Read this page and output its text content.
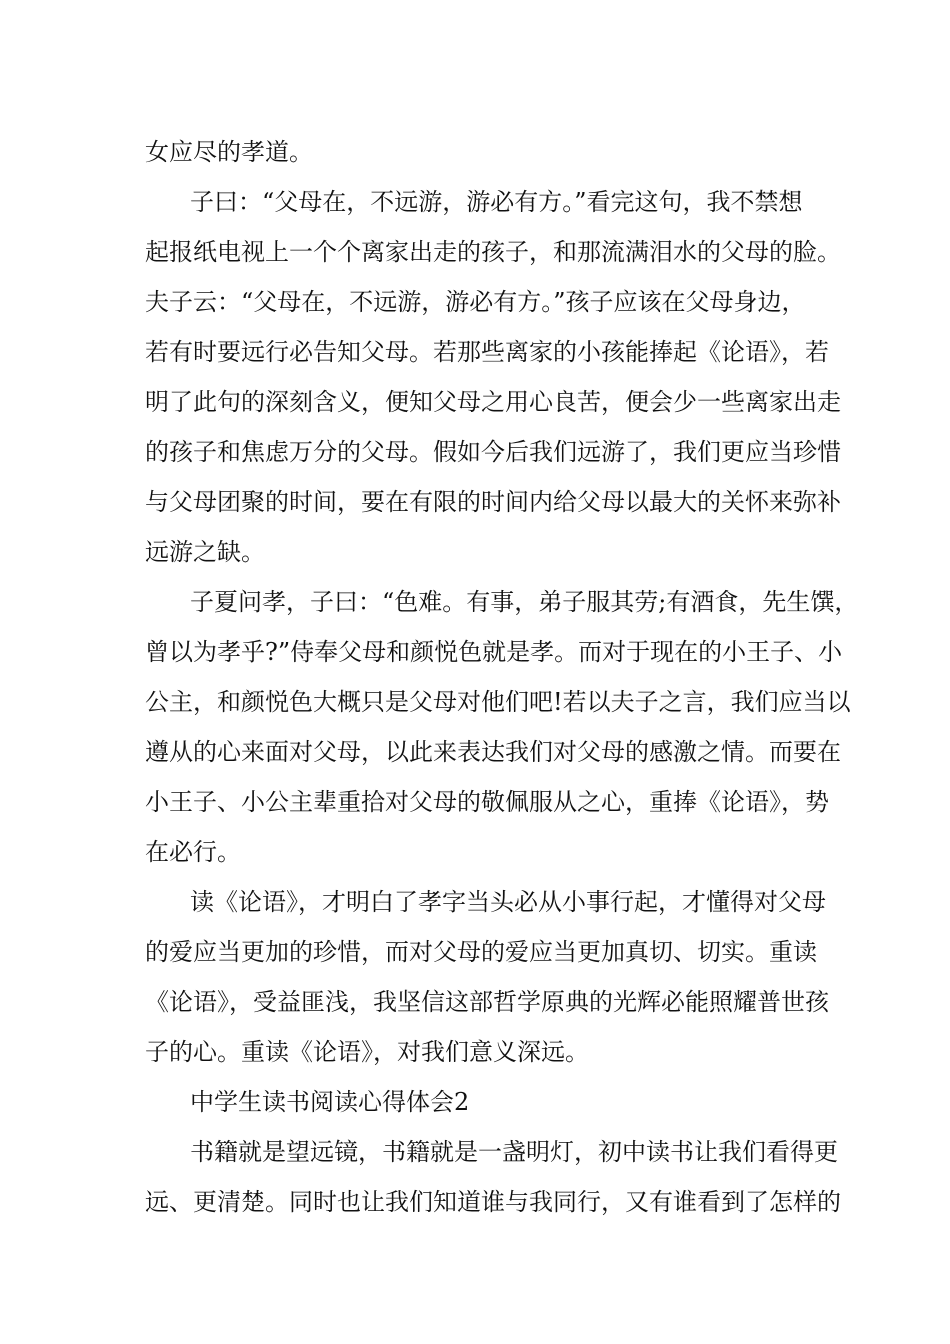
女应尽的孝道。
子曰：“父母在，不远游，游必有方。”看完这句，我不禁想
起报纸电视上一个个离家出走的孩子，和那流满泪水的父母的脸。
夫子云：“父母在，不远游，游必有方。”孩子应该在父母身边，
若有时要远行必告知父母。若那些离家的小孩能捧起《论语》，若
明了此句的深刻含义，便知父母之用心良苦，便会少一些离家出走
的孩子和焦虑万分的父母。假如今后我们远游了，我们更应当珍惜
与父母团聚的时间，要在有限的时间内给父母以最大的关怀来弥补
远游之缺。
子夏问孝，子曰：“色难。有事，弟子服其劳;有酒食，先生馔，
曾以为孝乎?”侍奉父母和颜悦色就是孝。而对于现在的小王子、小
公主，和颜悦色大概只是父母对他们吧!若以夫子之言，我们应当以
遵从的心来面对父母，以此来表达我们对父母的感激之情。而要在
小王子、小公主辈重拾对父母的敬佩服从之心，重捧《论语》，势
在必行。
读《论语》，才明白了孝字当头必从小事行起，才懂得对父母
的爱应当更加的珍惜，而对父母的爱应当更加真切、切实。重读
《论语》，受益匪浅，我坚信这部哲学原典的光辉必能照耀普世孩
子的心。重读《论语》，对我们意义深远。
中学生读书阅读心得体会2
书籍就是望远镜，书籍就是一盏明灯，初中读书让我们看得更
远、更清楚。同时也让我们知道谁与我同行，又有谁看到了怎样的
